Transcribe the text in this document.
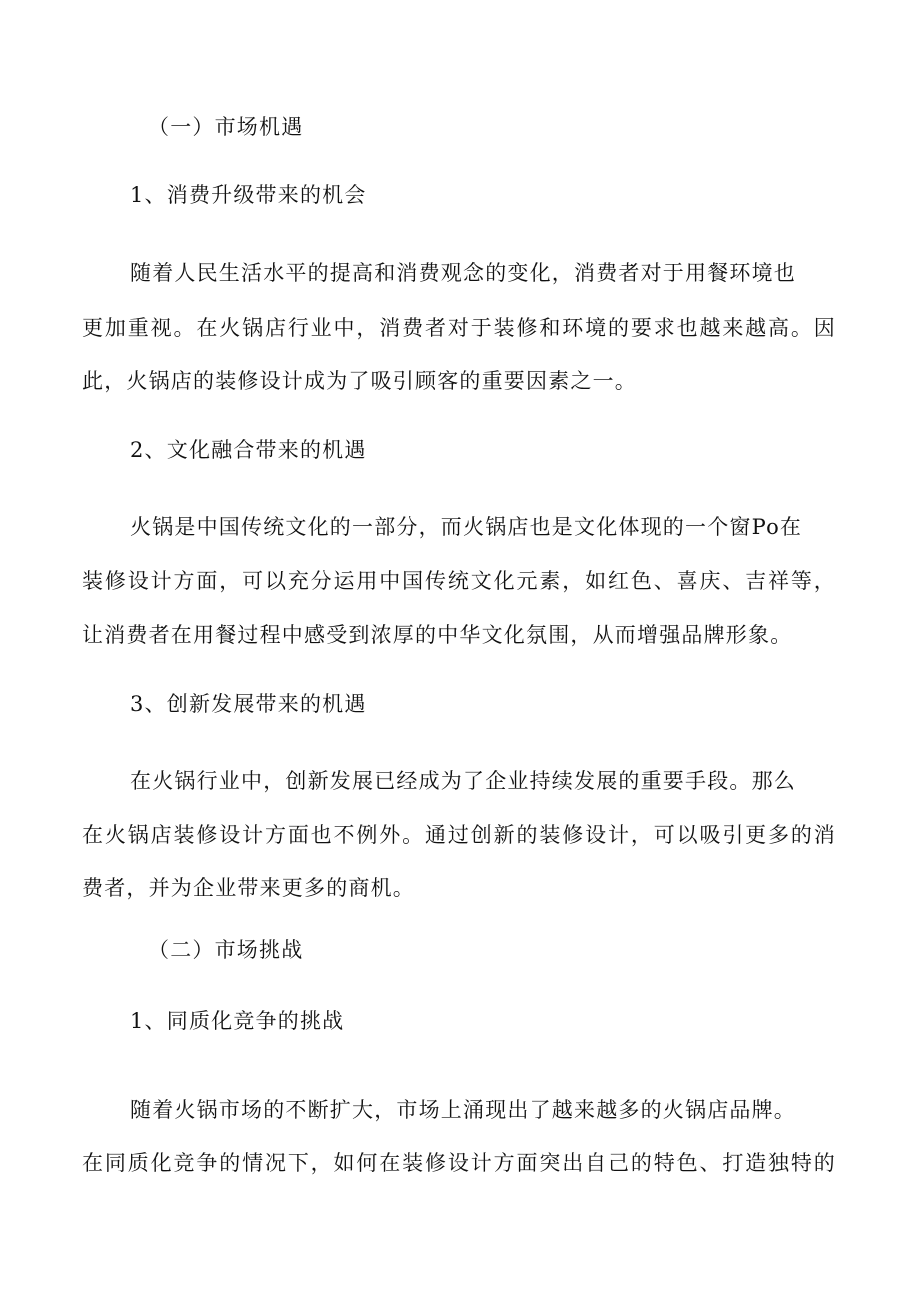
（一）市场机遇
1、消费升级带来的机会
随着人民生活水平的提高和消费观念的变化，消费者对于用餐环境也
更加重视。在火锅店行业中，消费者对于装修和环境的要求也越来越高。因
此，火锅店的装修设计成为了吸引顾客的重要因素之一。
2、文化融合带来的机遇
火锅是中国传统文化的一部分，而火锅店也是文化体现的一个窗Po在
装修设计方面，可以充分运用中国传统文化元素，如红色、喜庆、吉祥等，
让消费者在用餐过程中感受到浓厚的中华文化氛围，从而增强品牌形象。
3、创新发展带来的机遇
在火锅行业中，创新发展已经成为了企业持续发展的重要手段。那么
在火锅店装修设计方面也不例外。通过创新的装修设计，可以吸引更多的消
费者，并为企业带来更多的商机。
（二）市场挑战
1、同质化竞争的挑战
随着火锅市场的不断扩大，市场上涌现出了越来越多的火锅店品牌。
在同质化竞争的情况下，如何在装修设计方面突出自己的特色、打造独特的
